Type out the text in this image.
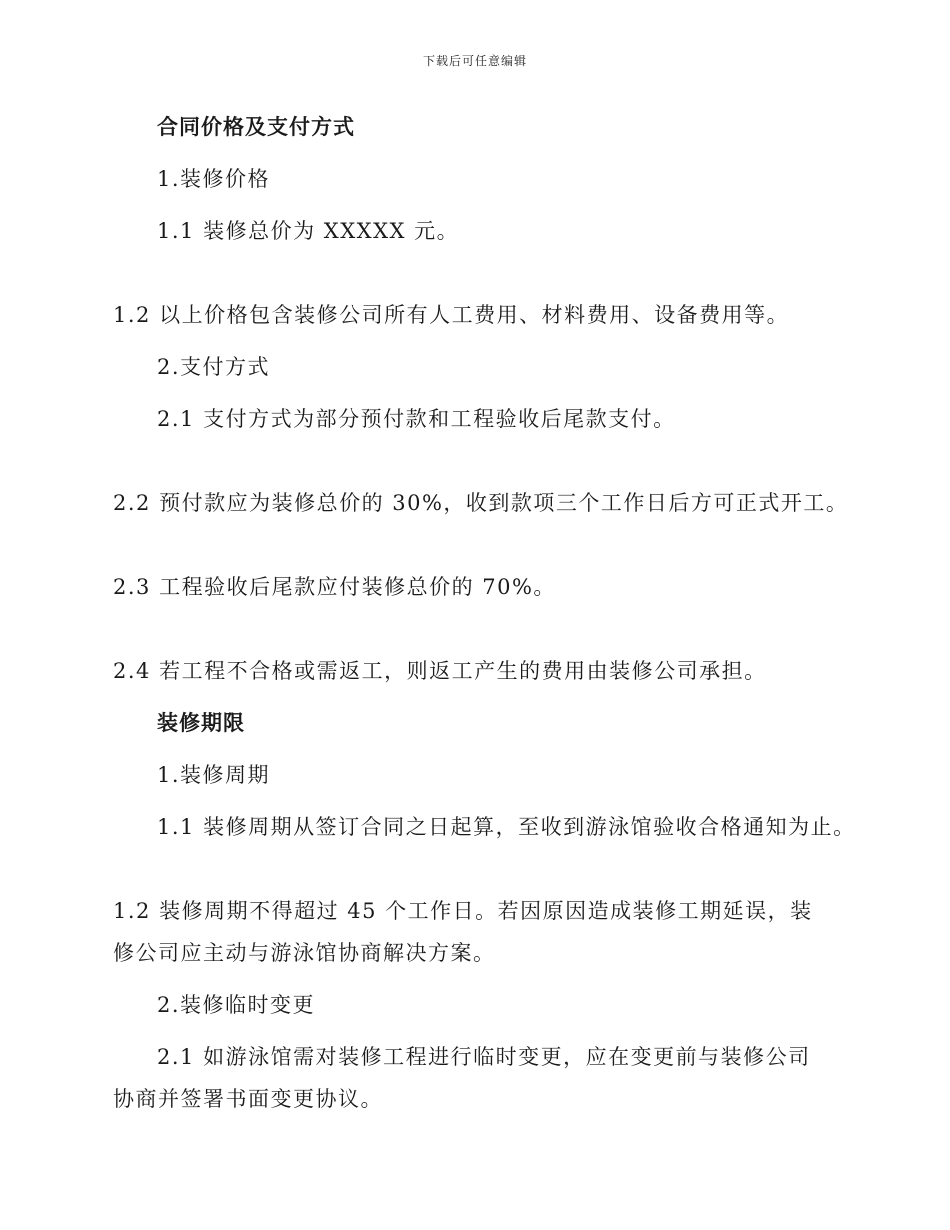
下载后可任意编辑

合同价格及支付方式

1.装修价格

1.1 装修总价为 XXXXX 元。

1.2 以上价格包含装修公司所有人工费用、材料费用、设备费用等。

2.支付方式

2.1 支付方式为部分预付款和工程验收后尾款支付。

2.2 预付款应为装修总价的 30%，收到款项三个工作日后方可正式开工。

2.3 工程验收后尾款应付装修总价的 70%。

2.4 若工程不合格或需返工，则返工产生的费用由装修公司承担。

装修期限

1.装修周期

1.1 装修周期从签订合同之日起算，至收到游泳馆验收合格通知为止。

1.2 装修周期不得超过 45 个工作日。若因原因造成装修工期延误，装修公司应主动与游泳馆协商解决方案。

2.装修临时变更

2.1 如游泳馆需对装修工程进行临时变更，应在变更前与装修公司协商并签署书面变更协议。
